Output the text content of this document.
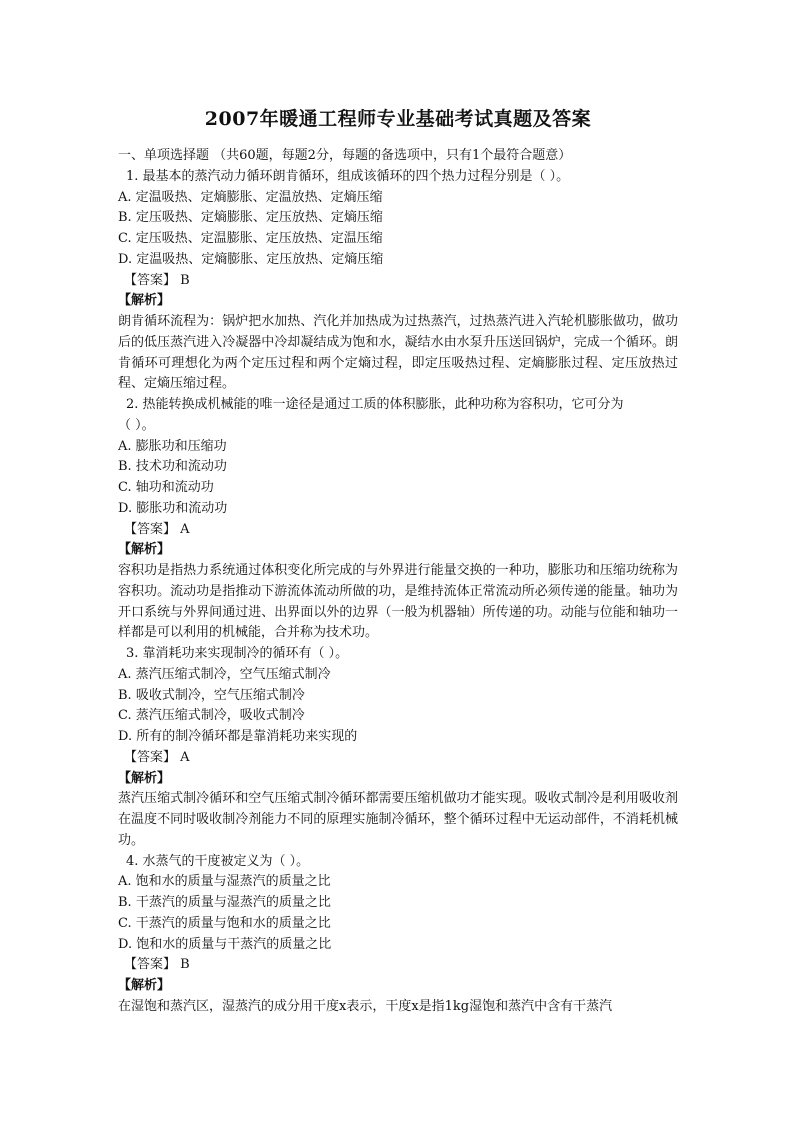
2007年暖通工程师专业基础考试真题及答案
一、单项选择题 （共60题，每题2分，每题的备选项中，只有1个最符合题意）
1. 最基本的蒸汽动力循环朗肯循环，组成该循环的四个热力过程分别是（ ）。
A. 定温吸热、定熵膨胀、定温放热、定熵压缩
B. 定压吸热、定熵膨胀、定压放热、定熵压缩
C. 定压吸热、定温膨胀、定压放热、定温压缩
D. 定温吸热、定熵膨胀、定压放热、定熵压缩
【答案】 B
【解析】
朗肯循环流程为：锅炉把水加热、汽化并加热成为过热蒸汽，过热蒸汽进入汽轮机膨胀做功，做功后的低压蒸汽进入冷凝器中冷却凝结成为饱和水，凝结水由水泵升压送回锅炉，完成一个循环。朗肯循环可理想化为两个定压过程和两个定熵过程，即定压吸热过程、定熵膨胀过程、定压放热过程、定熵压缩过程。
2. 热能转换成机械能的唯一途径是通过工质的体积膨胀，此种功称为容积功，它可分为
（ ）。
A. 膨胀功和压缩功
B. 技术功和流动功
C. 轴功和流动功
D. 膨胀功和流动功
【答案】 A
【解析】
容积功是指热力系统通过体积变化所完成的与外界进行能量交换的一种功，膨胀功和压缩功统称为容积功。流动功是指推动下游流体流动所做的功，是维持流体正常流动所必须传递的能量。轴功为开口系统与外界间通过进、出界面以外的边界（一般为机器轴）所传递的功。动能与位能和轴功一样都是可以利用的机械能，合并称为技术功。
3. 靠消耗功来实现制冷的循环有（ ）。
A. 蒸汽压缩式制冷，空气压缩式制冷
B. 吸收式制冷，空气压缩式制冷
C. 蒸汽压缩式制冷，吸收式制冷
D. 所有的制冷循环都是靠消耗功来实现的
【答案】 A
【解析】
蒸汽压缩式制冷循环和空气压缩式制冷循环都需要压缩机做功才能实现。吸收式制冷是利用吸收剂在温度不同时吸收制冷剂能力不同的原理实施制冷循环，整个循环过程中无运动部件，不消耗机械功。
4. 水蒸气的干度被定义为（ ）。
A. 饱和水的质量与湿蒸汽的质量之比
B. 干蒸汽的质量与湿蒸汽的质量之比
C. 干蒸汽的质量与饱和水的质量之比
D. 饱和水的质量与干蒸汽的质量之比
【答案】 B
【解析】
在湿饱和蒸汽区，湿蒸汽的成分用干度x表示，干度x是指1kg湿饱和蒸汽中含有干蒸汽
